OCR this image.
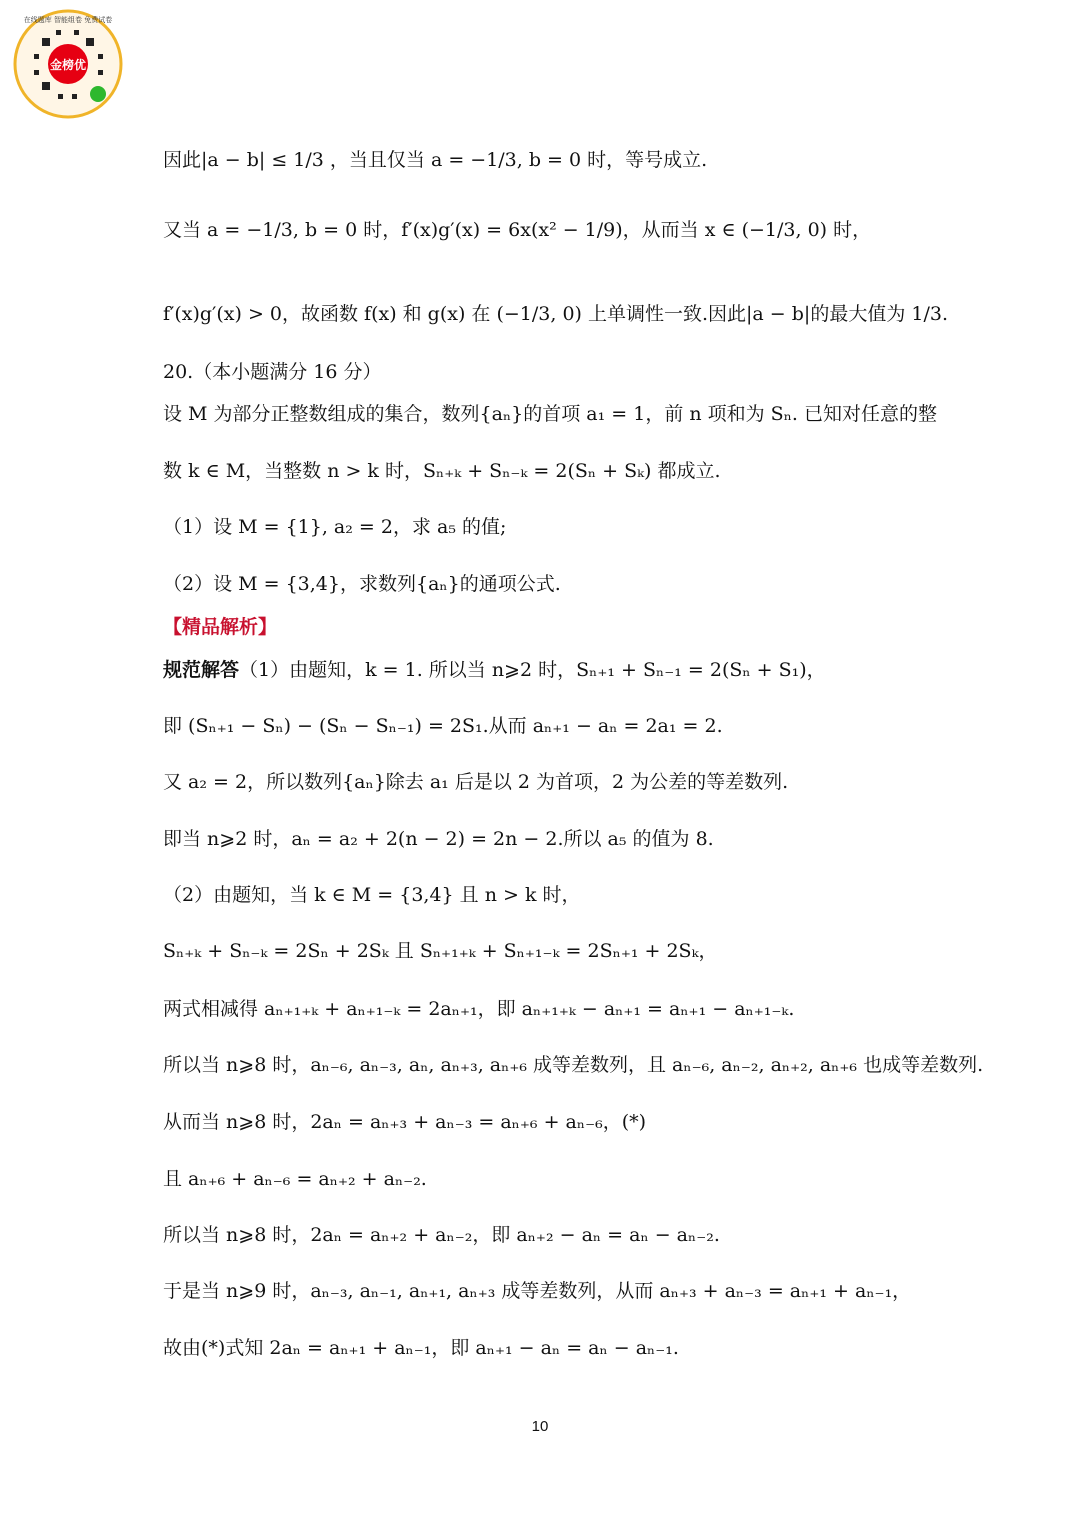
金榜优
在线题库 智能组卷 免费试卷
因此|a − b| ≤ 1/3 ，当且仅当 a = −1/3, b = 0 时，等号成立.
又当 a = −1/3, b = 0 时，f′(x)g′(x) = 6x(x² − 1/9)，从而当 x ∈ (−1/3, 0) 时，
f′(x)g′(x) > 0，故函数 f(x) 和 g(x) 在 (−1/3, 0) 上单调性一致.因此|a − b|的最大值为 1/3.
20.（本小题满分 16 分）
设 M 为部分正整数组成的集合，数列{aₙ}的首项 a₁ = 1，前 n 项和为 Sₙ. 已知对任意的整
数 k ∈ M，当整数 n > k 时，Sₙ₊ₖ + Sₙ₋ₖ = 2(Sₙ + Sₖ) 都成立.
（1）设 M = {1}, a₂ = 2，求 a₅ 的值;
（2）设 M = {3,4}，求数列{aₙ}的通项公式.
【精品解析】
规范解答（1）由题知，k = 1. 所以当 n⩾2 时，Sₙ₊₁ + Sₙ₋₁ = 2(Sₙ + S₁)，
即 (Sₙ₊₁ − Sₙ) − (Sₙ − Sₙ₋₁) = 2S₁.从而 aₙ₊₁ − aₙ = 2a₁ = 2.
又 a₂ = 2，所以数列{aₙ}除去 a₁ 后是以 2 为首项，2 为公差的等差数列.
即当 n⩾2 时，aₙ = a₂ + 2(n − 2) = 2n − 2.所以 a₅ 的值为 8.
（2）由题知，当 k ∈ M = {3,4} 且 n > k 时，
Sₙ₊ₖ + Sₙ₋ₖ = 2Sₙ + 2Sₖ 且 Sₙ₊₁₊ₖ + Sₙ₊₁₋ₖ = 2Sₙ₊₁ + 2Sₖ，
两式相减得 aₙ₊₁₊ₖ + aₙ₊₁₋ₖ = 2aₙ₊₁，即 aₙ₊₁₊ₖ − aₙ₊₁ = aₙ₊₁ − aₙ₊₁₋ₖ.
所以当 n⩾8 时，aₙ₋₆, aₙ₋₃, aₙ, aₙ₊₃, aₙ₊₆ 成等差数列，且 aₙ₋₆, aₙ₋₂, aₙ₊₂, aₙ₊₆ 也成等差数列.
从而当 n⩾8 时，2aₙ = aₙ₊₃ + aₙ₋₃ = aₙ₊₆ + aₙ₋₆，(*)
且 aₙ₊₆ + aₙ₋₆ = aₙ₊₂ + aₙ₋₂.
所以当 n⩾8 时，2aₙ = aₙ₊₂ + aₙ₋₂，即 aₙ₊₂ − aₙ = aₙ − aₙ₋₂.
于是当 n⩾9 时，aₙ₋₃, aₙ₋₁, aₙ₊₁, aₙ₊₃ 成等差数列，从而 aₙ₊₃ + aₙ₋₃ = aₙ₊₁ + aₙ₋₁，
故由(*)式知 2aₙ = aₙ₊₁ + aₙ₋₁，即 aₙ₊₁ − aₙ = aₙ − aₙ₋₁.
10
